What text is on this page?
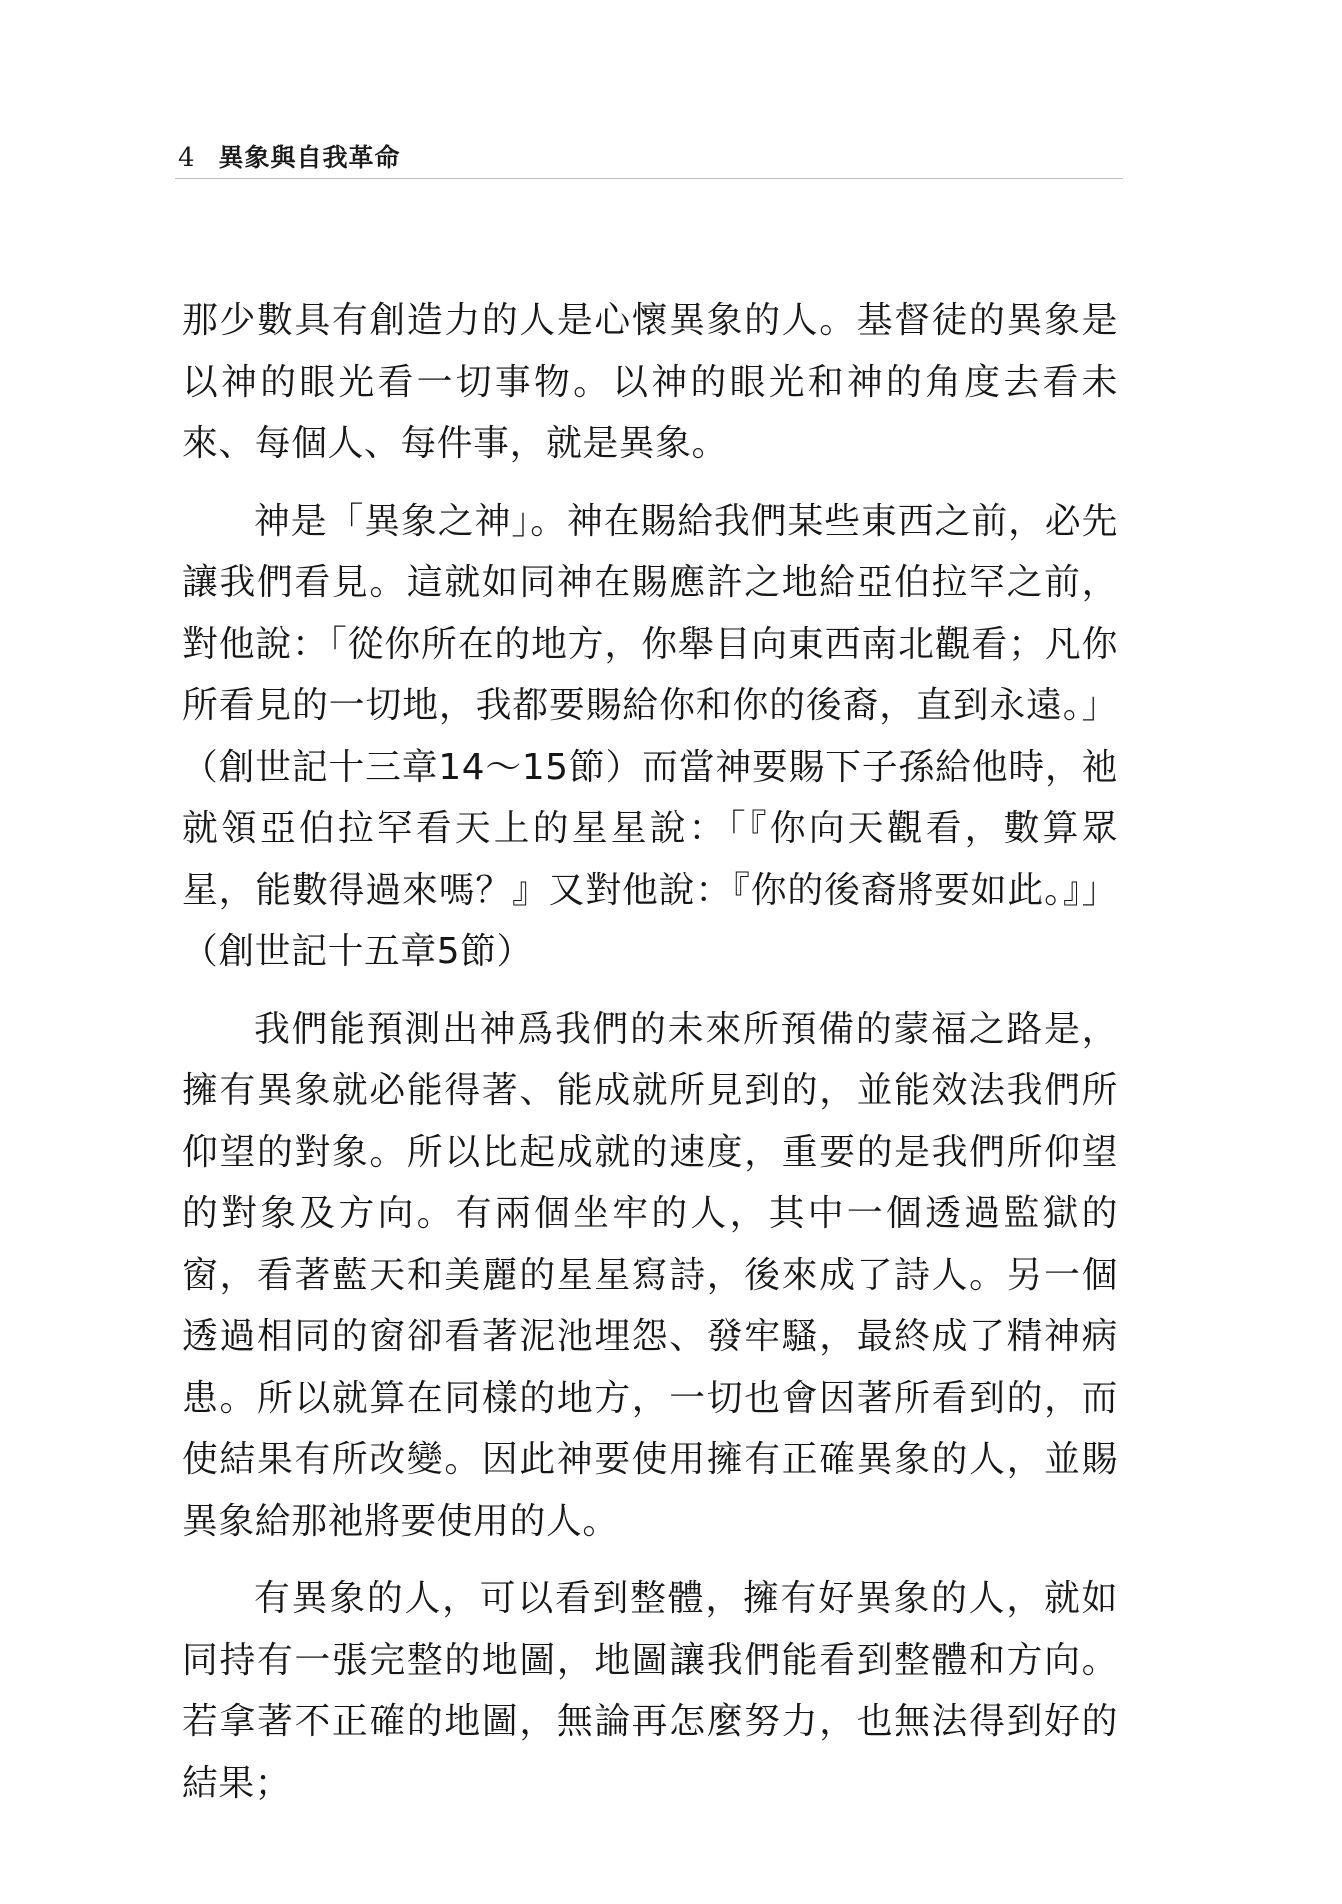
4 異象與自我革命

那少數具有創造力的人是心懷異象的人。基督徒的異象是以神的眼光看一切事物。以神的眼光和神的角度去看未來、每個人、每件事，就是異象。

神是「異象之神」。神在賜給我們某些東西之前，必先讓我們看見。這就如同神在賜應許之地給亞伯拉罕之前，對他說：「從你所在的地方，你舉目向東西南北觀看；凡你所看見的一切地，我都要賜給你和你的後裔，直到永遠。」（創世記十三章14～15節）而當神要賜下子孫給他時，祂就領亞伯拉罕看天上的星星說：「『你向天觀看，數算眾星，能數得過來嗎？』又對他說：『你的後裔將要如此。』」（創世記十五章5節）

我們能預測出神爲我們的未來所預備的蒙福之路是，擁有異象就必能得著、能成就所見到的，並能效法我們所仰望的對象。所以比起成就的速度，重要的是我們所仰望的對象及方向。有兩個坐牢的人，其中一個透過監獄的窗，看著藍天和美麗的星星寫詩，後來成了詩人。另一個透過相同的窗卻看著泥池埋怨、發牢騷，最終成了精神病患。所以就算在同樣的地方，一切也會因著所看到的，而使結果有所改變。因此神要使用擁有正確異象的人，並賜異象給那祂將要使用的人。

有異象的人，可以看到整體，擁有好異象的人，就如同持有一張完整的地圖，地圖讓我們能看到整體和方向。若拿著不正確的地圖，無論再怎麼努力，也無法得到好的結果；
